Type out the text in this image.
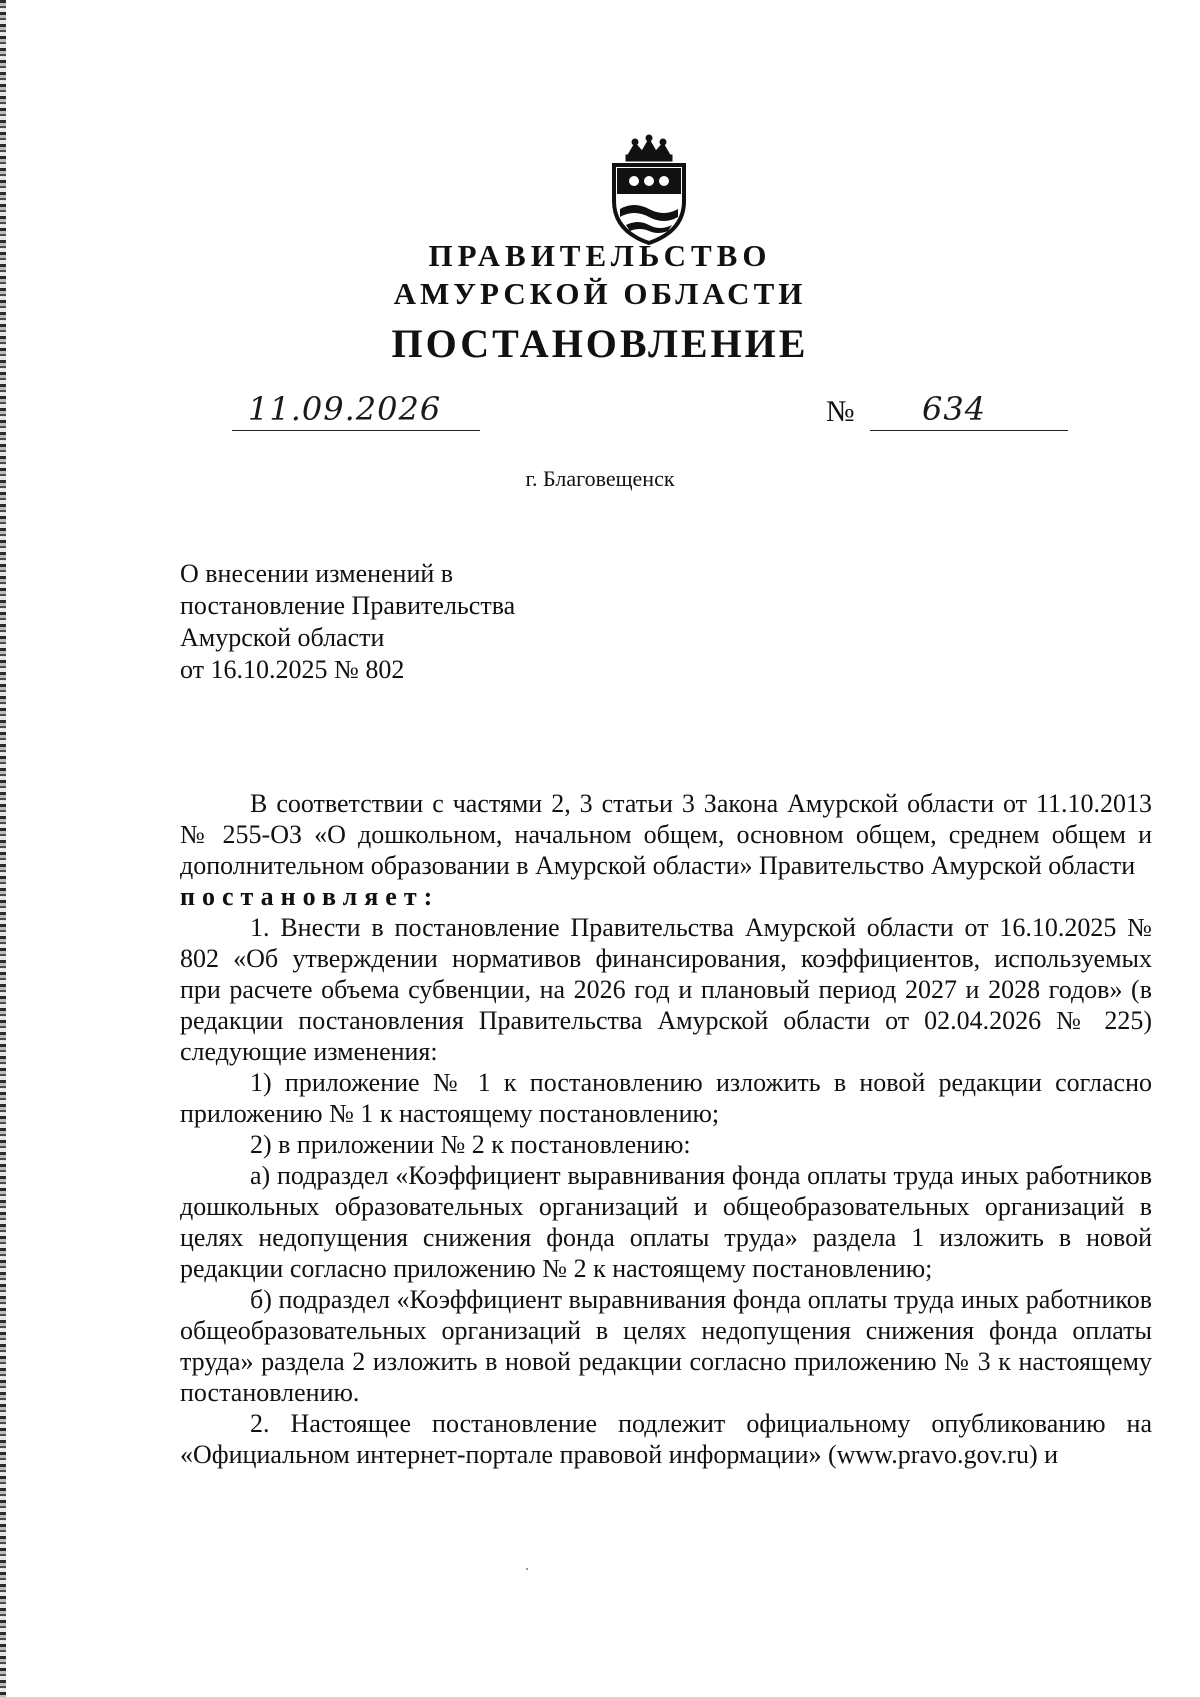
ПРАВИТЕЛЬСТВО
АМУРСКОЙ ОБЛАСТИ
ПОСТАНОВЛЕНИЕ
11.09.2026	№ 634
г. Благовещенск
О внесении изменений в
постановление Правительства
Амурской области
от 16.10.2025 № 802

В соответствии с частями 2, 3 статьи 3 Закона Амурской области от 11.10.2013 № 255-ОЗ «О дошкольном, начальном общем, основном общем, среднем общем и дополнительном образовании в Амурской области» Правительство Амурской области

постановляет:

1. Внести в постановление Правительства Амурской области от 16.10.2025 № 802 «Об утверждении нормативов финансирования, коэффициентов, используемых при расчете объема субвенции, на 2026 год и плановый период 2027 и 2028 годов» (в редакции постановления Правительства Амурской области от 02.04.2026 № 225) следующие изменения:

1) приложение № 1 к постановлению изложить в новой редакции согласно приложению № 1 к настоящему постановлению;

2) в приложении № 2 к постановлению:

а) подраздел «Коэффициент выравнивания фонда оплаты труда иных работников дошкольных образовательных организаций и общеобразовательных организаций в целях недопущения снижения фонда оплаты труда» раздела 1 изложить в новой редакции согласно приложению № 2 к настоящему постановлению;

б) подраздел «Коэффициент выравнивания фонда оплаты труда иных работников общеобразовательных организаций в целях недопущения снижения фонда оплаты труда» раздела 2 изложить в новой редакции согласно приложению № 3 к настоящему постановлению.

2. Настоящее постановление подлежит официальному опубликованию на «Официальном интернет-портале правовой информации» (www.pravo.gov.ru) и
